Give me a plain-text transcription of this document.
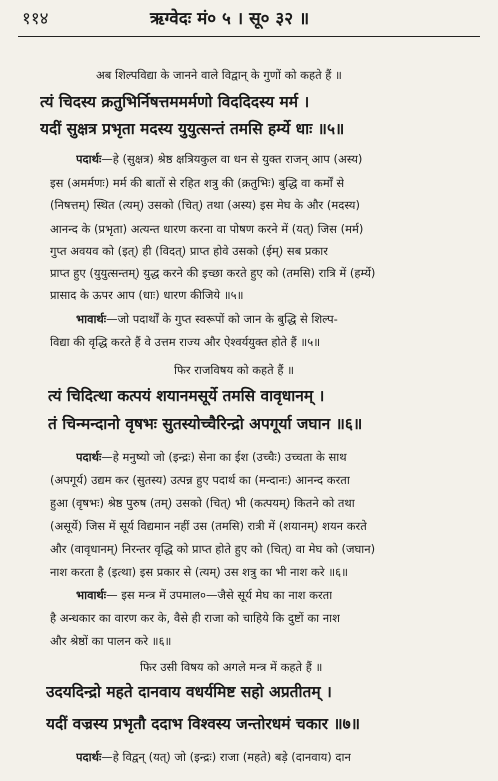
११४	ऋग्वेदः मं० ५ । सू० ३२ ॥
अब शिल्पविद्या के जानने वाले विद्वान् के गुणों को कहते हैं ॥
त्यं चिदस्य क्रतुभिर्निषत्तममर्मणो विददिदस्य मर्म ।
यदीं सुक्षत्र प्रभृता मदस्य युयुत्सन्तं तमसि हर्म्ये धाः ॥५॥
पदार्थः—हे (सुक्षत्र) श्रेष्ठ क्षत्रियकुल वा धन से युक्त राजन् आप (अस्य)
इस (अमर्मणः) मर्म की बातों से रहित शत्रु की (क्रतुभिः) बुद्धि वा कर्मों से
(निषत्तम्) स्थित (त्यम्) उसको (चित्) तथा (अस्य) इस मेघ के और (मदस्य)
आनन्द के (प्रभृता) अत्यन्त धारण करना वा पोषण करने में (यत्) जिस (मर्म)
गुप्त अवयव को (इत्) ही (विदत्) प्राप्त होवे उसको (ईम्) सब प्रकार
प्राप्त हुए (युयुत्सन्तम्) युद्ध करने की इच्छा करते हुए को (तमसि) रात्रि में (हर्म्ये)
प्रासाद के ऊपर आप (धाः) धारण कीजिये ॥५॥
भावार्थः—जो पदार्थों के गुप्त स्वरूपों को जान के बुद्धि से शिल्प-
विद्या की वृद्धि करते हैं वे उत्तम राज्य और ऐश्वर्ययुक्त होते हैं ॥५॥
फिर राजविषय को कहते हैं ॥
त्यं चिदित्था कत्पयं शयानमसूर्ये तमसि वावृधानम् ।
तं चिन्मन्दानो वृषभः सुतस्योच्चैरिन्द्रो अपगूर्या जघान ॥६॥
पदार्थः—हे मनुष्यो जो (इन्द्रः) सेना का ईश (उच्चैः) उच्चता के साथ
(अपगूर्य) उद्यम कर (सुतस्य) उत्पन्न हुए पदार्थ का (मन्दानः) आनन्द करता
हुआ (वृषभः) श्रेष्ठ पुरुष (तम्) उसको (चित्) भी (कत्पयम्) कितने को तथा
(असूर्ये) जिस में सूर्य विद्यमान नहीं उस (तमसि) रात्री में (शयानम्) शयन करते
और (वावृधानम्) निरन्तर वृद्धि को प्राप्त होते हुए को (चित्) वा मेघ को (जघान)
नाश करता है (इत्था) इस प्रकार से (त्यम्) उस शत्रु का भी नाश करे ॥६॥
भावार्थः— इस मन्त्र में उपमाल०—जैसे सूर्य मेघ का नाश करता
है अन्धकार का वारण कर के, वैसे ही राजा को चाहिये कि दुष्टों का नाश
और श्रेष्ठों का पालन करे ॥६॥
फिर उसी विषय को अगले मन्त्र में कहते हैं ॥
उदयदिन्द्रो महते दानवाय वधर्यमिष्ट सहो अप्रतीतम् ।
यदीं वज्रस्य प्रभृतौ ददाभ विश्वस्य जन्तोरधमं चकार ॥७॥
पदार्थः—हे विद्वन् (यत्) जो (इन्द्रः) राजा (महते) बड़े (दानवाय) दान
